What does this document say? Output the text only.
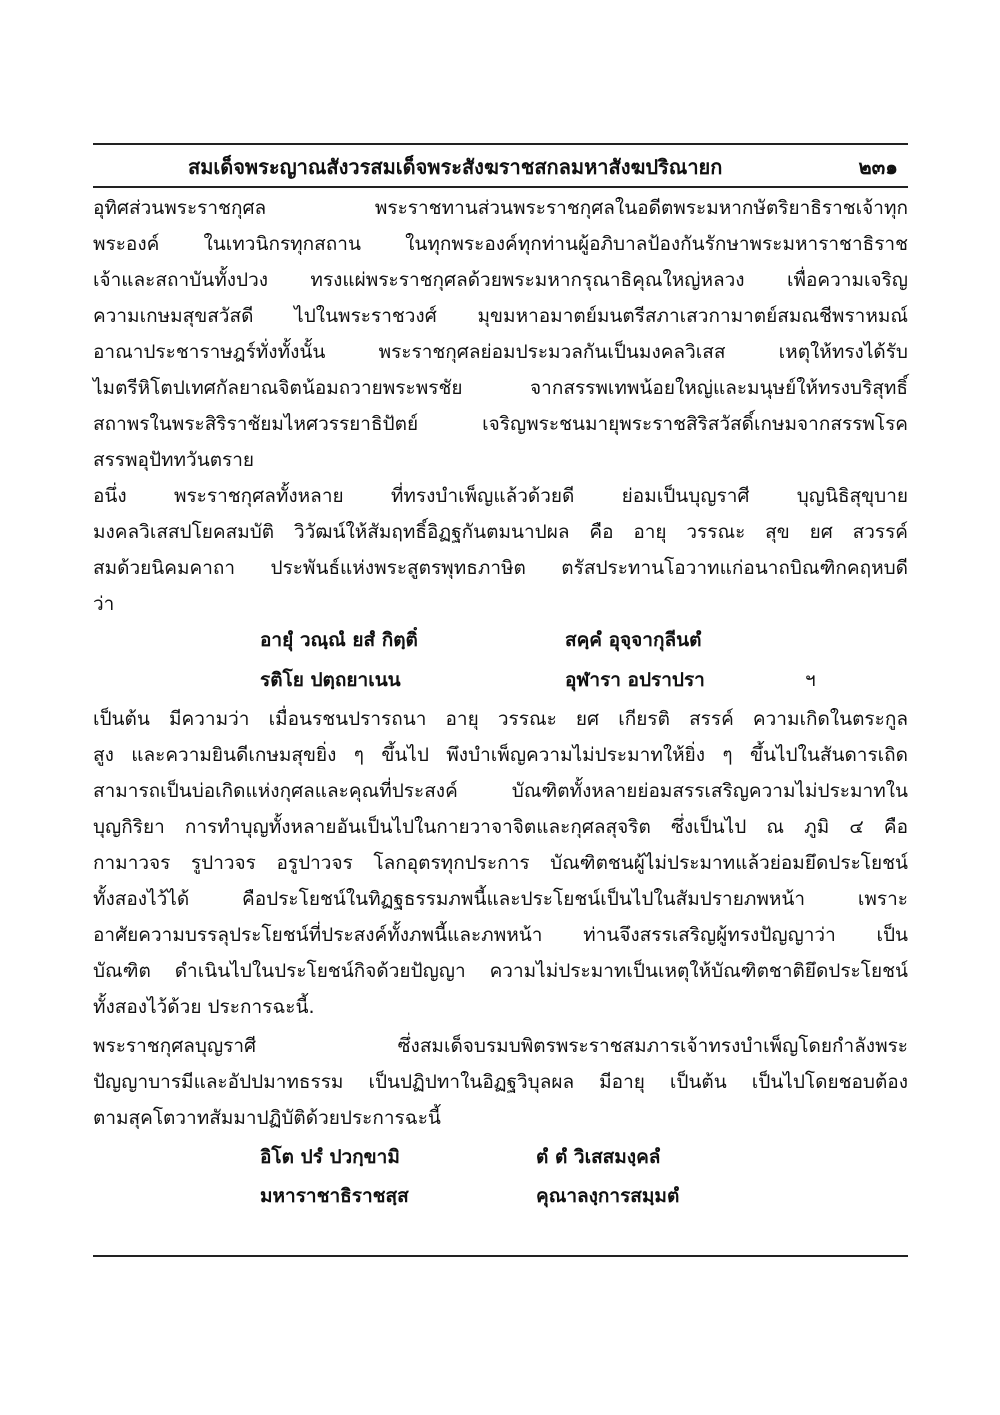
สมเด็จพระญาณสังวรสมเด็จพระสังฆราชสกลมหาสังฆปริณายก	๒๓๑
อุทิศส่วนพระราชกุศล พระราชทานส่วนพระราชกุศลในอดีตพระมหากษัตริยาธิราชเจ้าทุก
พระองค์ ในเทวนิกรทุกสถาน ในทุกพระองค์ทุกท่านผู้อภิบาลป้องกันรักษาพระมหาราชาธิราช
เจ้าและสถาบันทั้งปวง ทรงแผ่พระราชกุศลด้วยพระมหากรุณาธิคุณใหญ่หลวง เพื่อความเจริญ
ความเกษมสุขสวัสดี ไปในพระราชวงศ์ มุขมหาอมาตย์มนตรีสภาเสวกามาตย์สมณชีพราหมณ์
อาณาประชาราษฎร์ทั่งทั้งนั้น พระราชกุศลย่อมประมวลกันเป็นมงคลวิเสส เหตุให้ทรงได้รับ
ไมตรีหิโตปเทศกัลยาณจิตน้อมถวายพระพรชัย จากสรรพเทพน้อยใหญ่และมนุษย์ให้ทรงบริสุทธิ์
สถาพรในพระสิริราชัยมไหศวรรยาธิปัตย์ เจริญพระชนมายุพระราชสิริสวัสดิ์เกษมจากสรรพโรค
สรรพอุปัททวันตราย
อนึ่ง พระราชกุศลทั้งหลาย ที่ทรงบำเพ็ญแล้วด้วยดี ย่อมเป็นบุญราศี บุญนิธิสุขุบาย
มงคลวิเสสปโยคสมบัติ วิวัฒน์ให้สัมฤทธิ์อิฏฐกันตมนาปผล คือ อายุ วรรณะ สุข ยศ สวรรค์
สมด้วยนิคมคาถา ประพันธ์แห่งพระสูตรพุทธภาษิต ตรัสประทานโอวาทแก่อนาถบิณฑิกคฤหบดี
ว่า
อายุํ วณฺณํ ยสํ กิตฺติํ	สคฺคํ อุจฺจากุลีนตํ
รติโย ปตฺถยาเนน	อุฬารา อปราปรา	ฯ
เป็นต้น มีความว่า เมื่อนรชนปรารถนา อายุ วรรณะ ยศ เกียรติ สรรค์ ความเกิดในตระกูล
สูง และความยินดีเกษมสุขยิ่ง ๆ ขึ้นไป พึงบำเพ็ญความไม่ประมาทให้ยิ่ง ๆ ขึ้นไปในสันดารเถิด
สามารถเป็นบ่อเกิดแห่งกุศลและคุณที่ประสงค์ บัณฑิตทั้งหลายย่อมสรรเสริญความไม่ประมาทใน
บุญกิริยา การทำบุญทั้งหลายอันเป็นไปในกายวาจาจิตและกุศลสุจริต ซึ่งเป็นไป ณ ภูมิ ๔ คือ
กามาวจร รูปาวจร อรูปาวจร โลกอุตรทุกประการ บัณฑิตชนผู้ไม่ประมาทแล้วย่อมยึดประโยชน์
ทั้งสองไว้ได้ คือประโยชน์ในทิฏฐธรรมภพนี้และประโยชน์เป็นไปในสัมปรายภพหน้า เพราะ
อาศัยความบรรลุประโยชน์ที่ประสงค์ทั้งภพนี้และภพหน้า ท่านจึงสรรเสริญผู้ทรงปัญญาว่า เป็น
บัณฑิต ดำเนินไปในประโยชน์กิจด้วยปัญญา ความไม่ประมาทเป็นเหตุให้บัณฑิตชาติยึดประโยชน์
ทั้งสองไว้ด้วย ประการฉะนี้.
พระราชกุศลบุญราศี ซึ่งสมเด็จบรมบพิตรพระราชสมภารเจ้าทรงบำเพ็ญโดยกำลังพระ
ปัญญาบารมีและอัปปมาทธรรม เป็นปฏิปทาในอิฏฐวิบุลผล มีอายุ เป็นต้น เป็นไปโดยชอบต้อง
ตามสุคโตวาทสัมมาปฏิบัติด้วยประการฉะนี้
อิโต ปรํ ปวกฺขามิ	ตํ ตํ วิเสสมงฺคลํ
มหาราชาธิราชสฺส	คุณาลงฺการสมฺมตํ
